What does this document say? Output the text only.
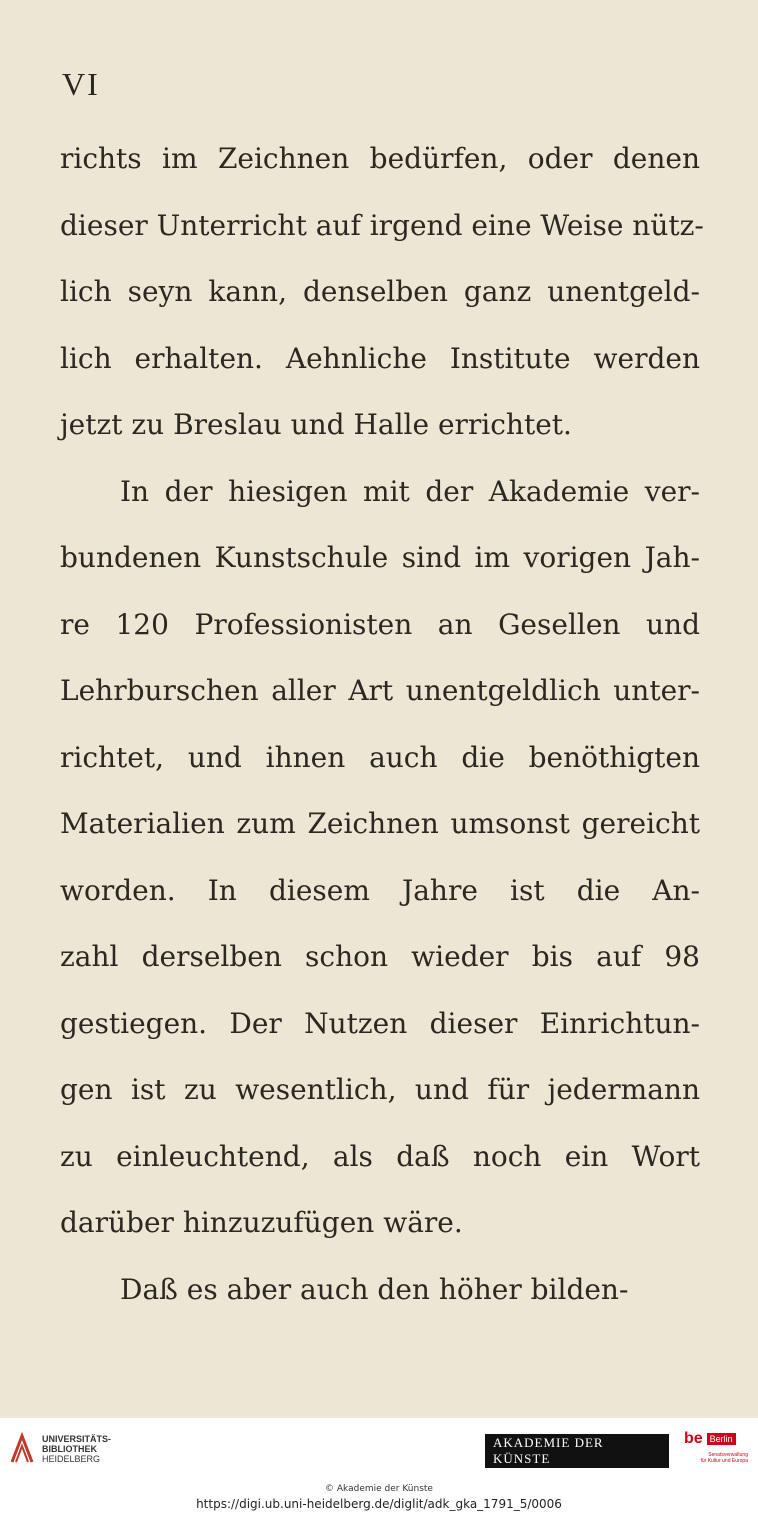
VI
richts im Zeichnen bedürfen, oder denen
dieser Unterricht auf irgend eine Weise nütz-
lich seyn kann, denselben ganz unentgeld-
lich erhalten. Aehnliche Institute werden
jetzt zu Breslau und Halle errichtet.
In der hiesigen mit der Akademie ver-
bundenen Kunstschule sind im vorigen Jah-
re 120 Professionisten an Gesellen und
Lehrburschen aller Art unentgeldlich unter-
richtet, und ihnen auch die benöthigten
Materialien zum Zeichnen umsonst gereicht
worden. In diesem Jahre ist die An-
zahl derselben schon wieder bis auf 98
gestiegen. Der Nutzen dieser Einrichtun-
gen ist zu wesentlich, und für jedermann
zu einleuchtend, als daß noch ein Wort
darüber hinzuzufügen wäre.
Daß es aber auch den höher bilden-
UNIVERSITÄTS-
BIBLIOTHEK
HEIDELBERG
AKADEMIE DER KÜNSTE
be Berlin
Senatsverwaltung
für Kultur und Europa
© Akademie der Künste
https://digi.ub.uni-heidelberg.de/diglit/adk_gka_1791_5/0006
